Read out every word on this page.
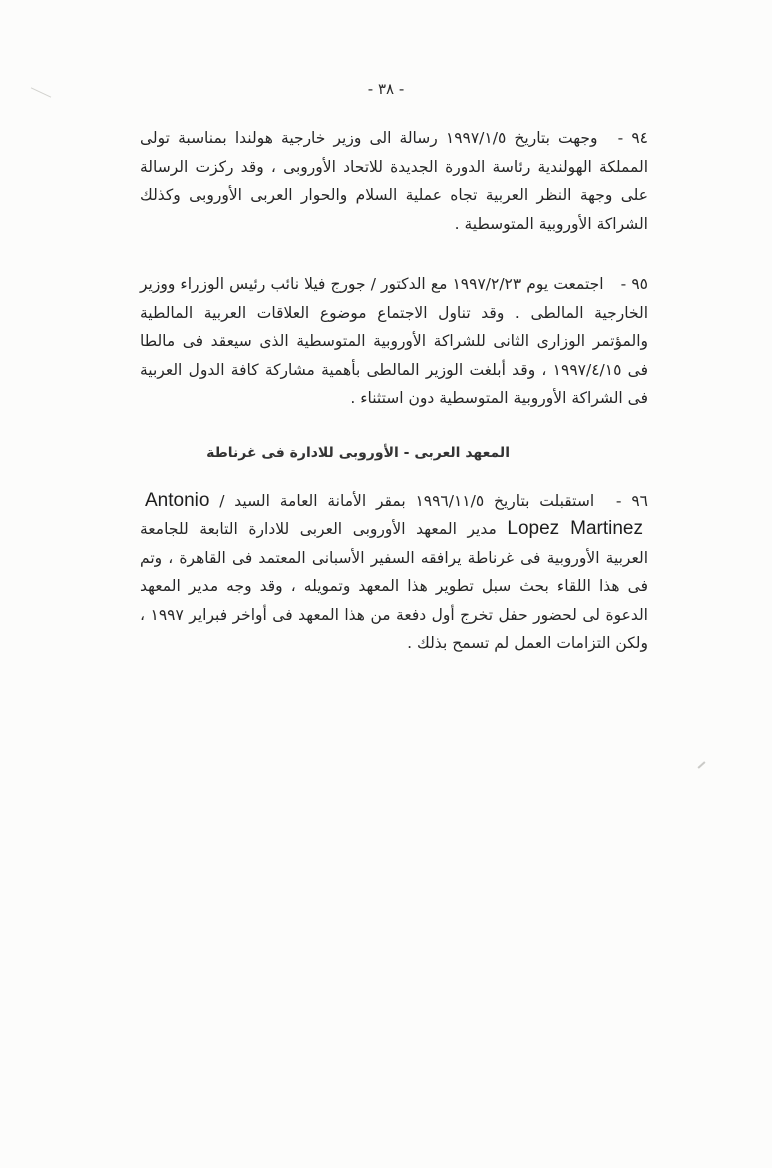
- ٣٨ -

٩٤ - وجهت بتاريخ ١٩٩٧/١/٥ رسالة الى وزير خارجية هولندا بمناسبة تولى المملكة الهولندية رئاسة الدورة الجديدة للاتحاد الأوروبى ، وقد ركزت الرسالة على وجهة النظر العربية تجاه عملية السلام والحوار العربى الأوروبى وكذلك الشراكة الأوروبية المتوسطية .

٩٥ - اجتمعت يوم ١٩٩٧/٢/٢٣ مع الدكتور / جورج فيلا نائب رئيس الوزراء ووزير الخارجية المالطى . وقد تناول الاجتماع موضوع العلاقات العربية المالطية والمؤتمر الوزارى الثانى للشراكة الأوروبية المتوسطية الذى سيعقد فى مالطا فى ١٩٩٧/٤/١٥ ، وقد أبلغت الوزير المالطى بأهمية مشاركة كافة الدول العربية فى الشراكة الأوروبية المتوسطية دون استثناء .

المعهد العربى - الأوروبى للادارة فى غرناطة

٩٦ - استقبلت بتاريخ ١٩٩٦/١١/٥ بمقر الأمانة العامة السيد / Antonio Lopez Martinez مدير المعهد الأوروبى العربى للادارة التابعة للجامعة العربية الأوروبية فى غرناطة يرافقه السفير الأسبانى المعتمد فى القاهرة ، وتم فى هذا اللقاء بحث سبل تطوير هذا المعهد وتمويله ، وقد وجه مدير المعهد الدعوة لى لحضور حفل تخرج أول دفعة من هذا المعهد فى أواخر فبراير ١٩٩٧ ، ولكن التزامات العمل لم تسمح بذلك .
